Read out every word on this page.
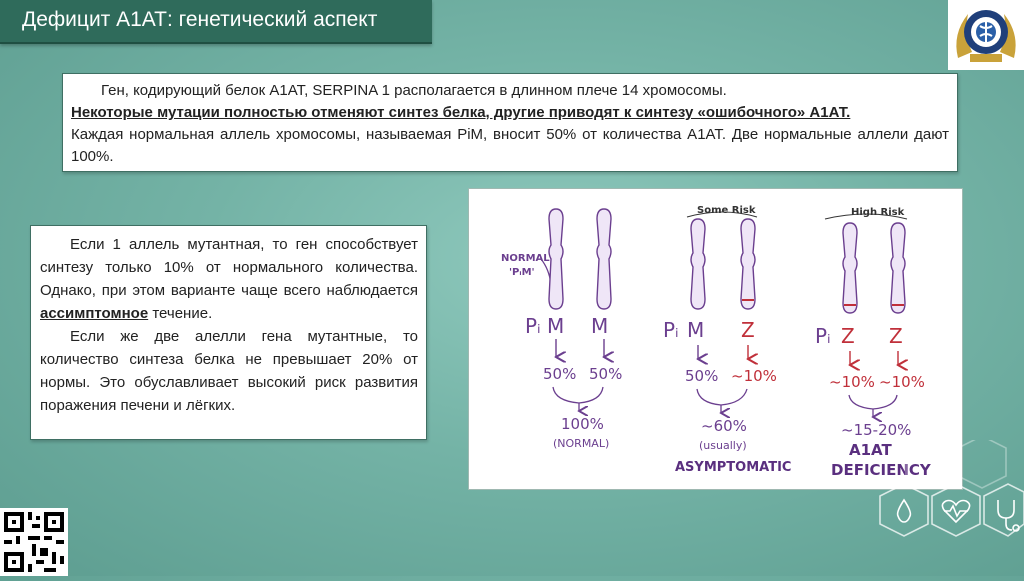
Дефицит А1АТ: генетический аспект

Ген, кодирующий белок А1АТ, SERPINA 1 располагается в длинном плече 14 хромосомы.

Некоторые мутации полностью отменяют синтез белка, другие приводят к синтезу «ошибочного» А1АТ.

Каждая нормальная аллель хромосомы, называемая PiM, вносит 50% от количества А1АТ. Две нормальные аллели дают 100%.

Если 1 аллель мутантная, то ген способствует синтезу только 10% от нормального количества. Однако, при этом варианте чаще всего наблюдается ассимптомное течение.

Если же две алелли гена мутантные, то количество синтеза белка не превышает 20% от нормы. Это обуславливает высокий риск развития поражения печени и лёгких.

NORMAL
'PᵢM'
Pᵢ M M
50% 50%
100%
(NORMAL)
Some Risk
Pᵢ M Z
50% ~10%
~60%
(usually)
ASYMPTOMATIC
High Risk
Pᵢ Z Z
~10% ~10%
~15-20%
A1AT
DEFICIENCY
